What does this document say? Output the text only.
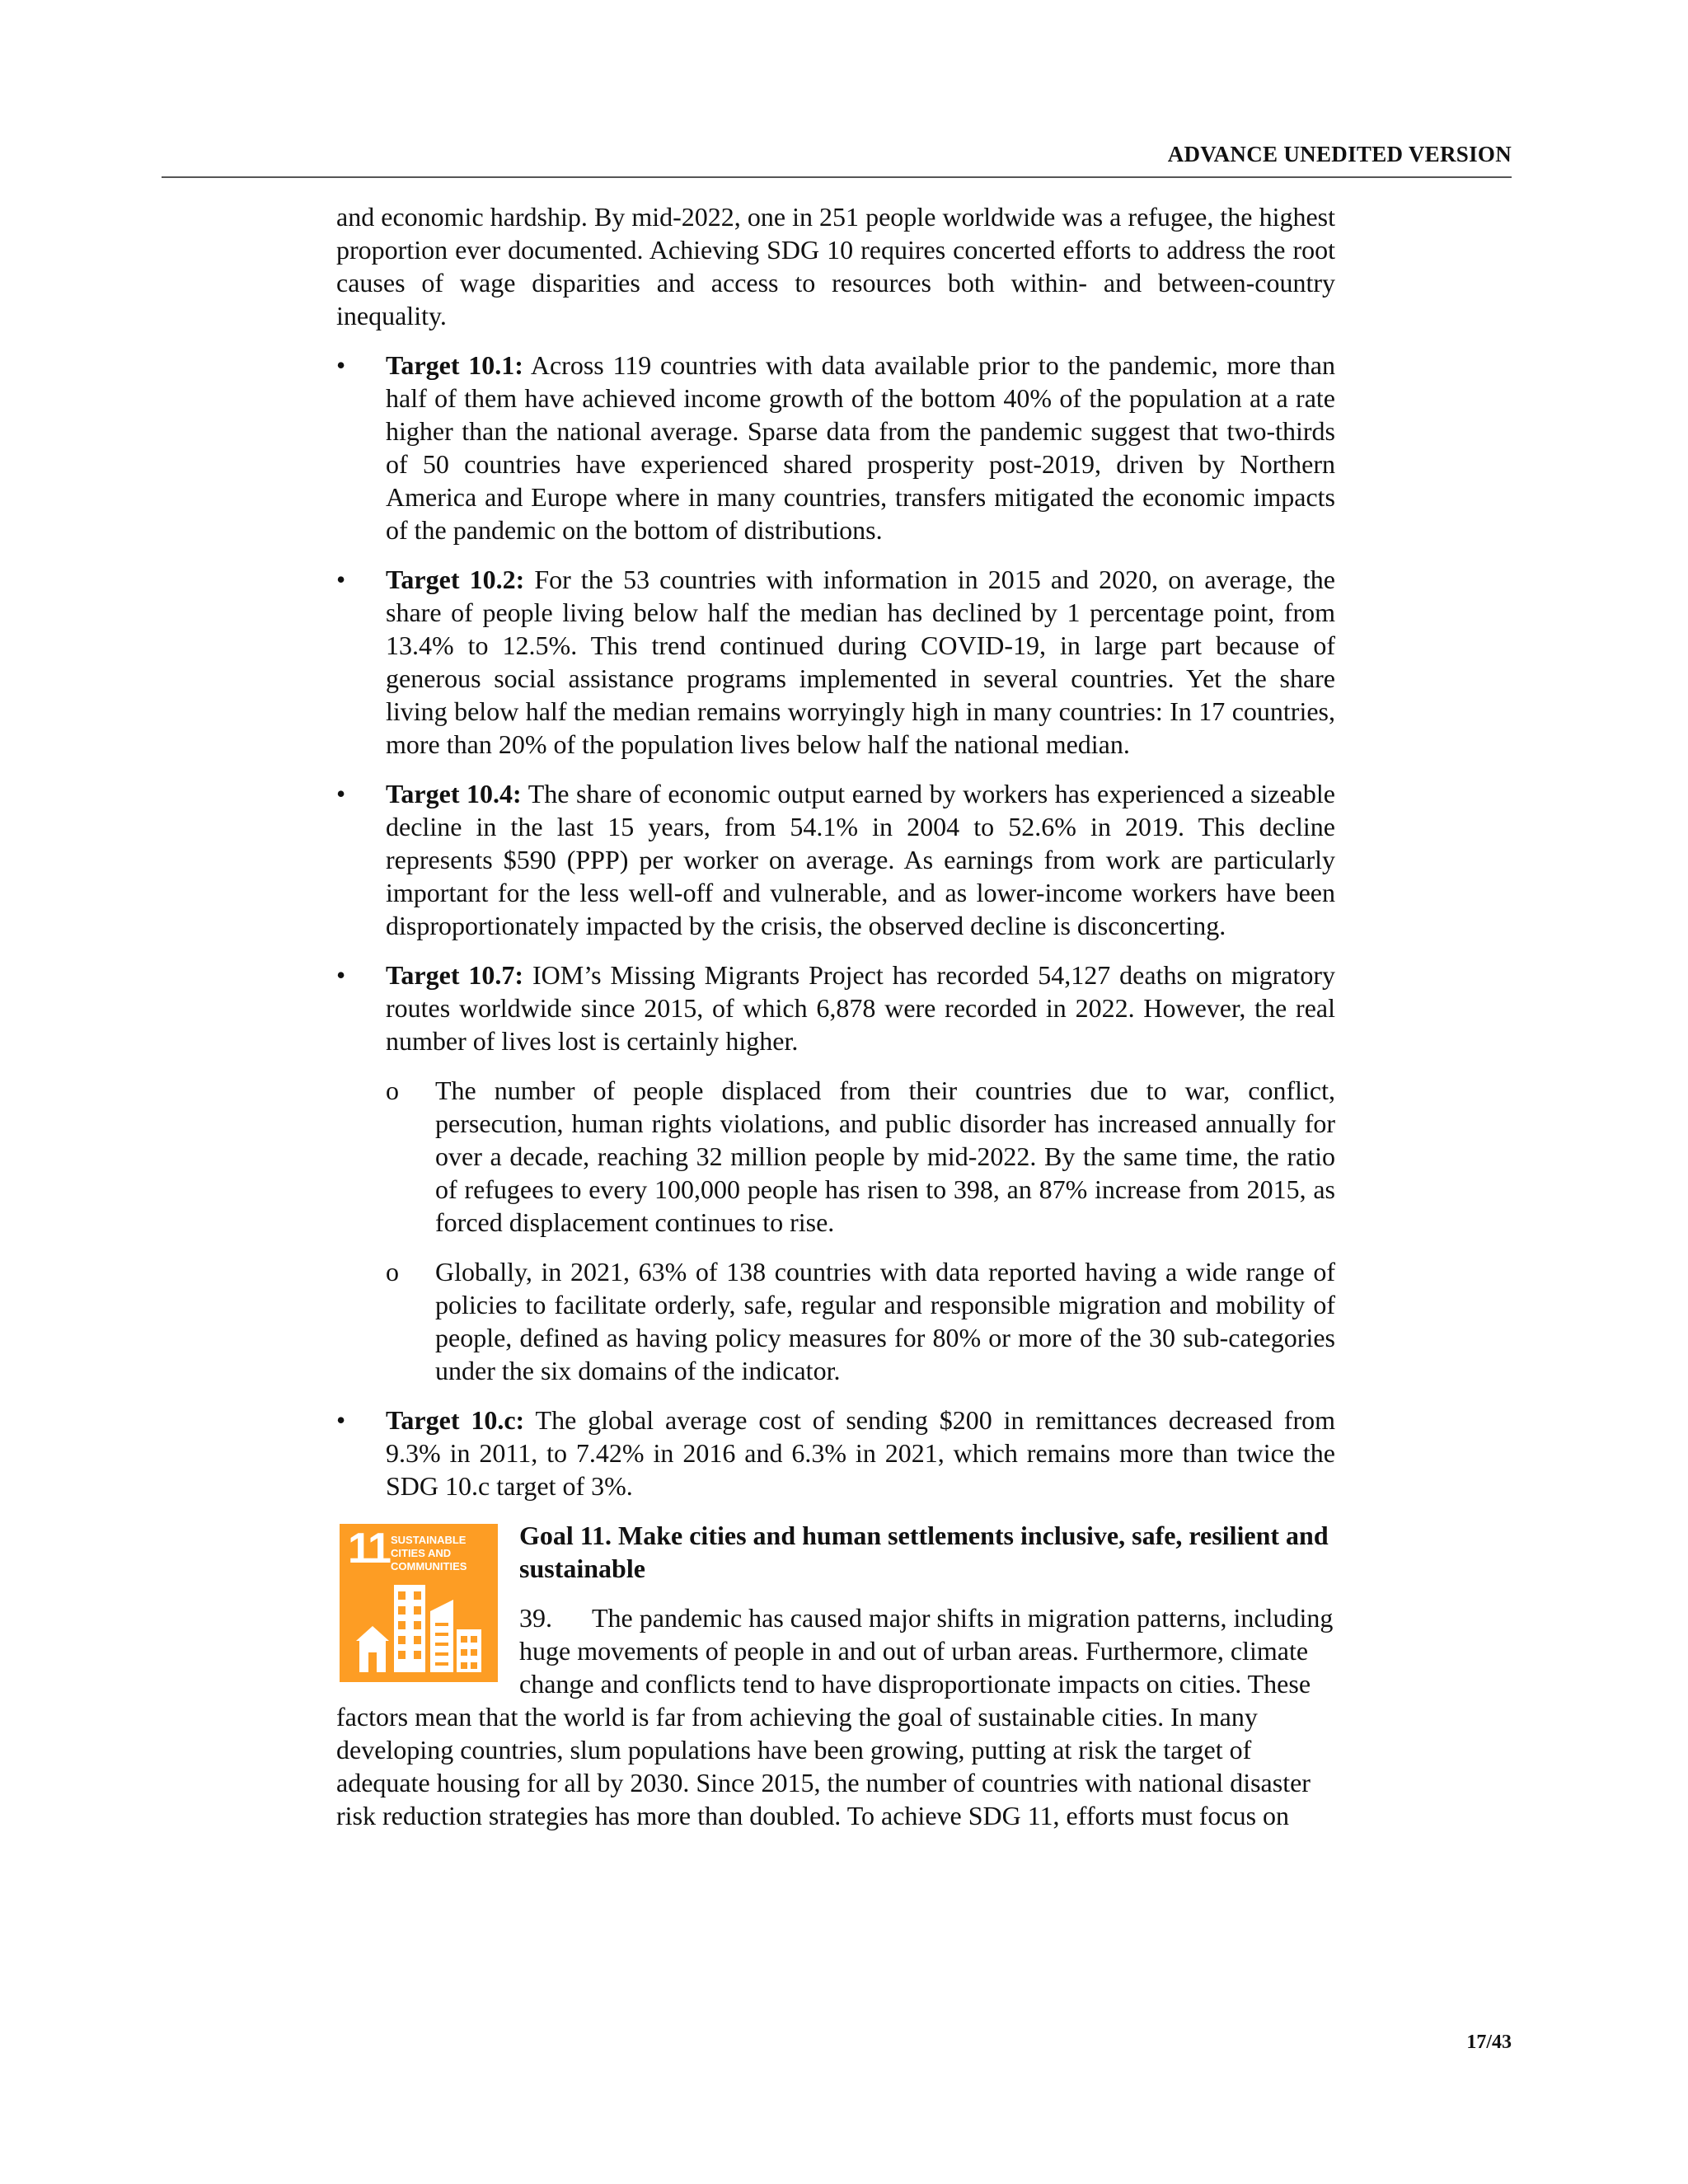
ADVANCE UNEDITED VERSION

and economic hardship. By mid-2022, one in 251 people worldwide was a refugee, the highest proportion ever documented. Achieving SDG 10 requires concerted efforts to address the root causes of wage disparities and access to resources both within- and between-country inequality.

• Target 10.1: Across 119 countries with data available prior to the pandemic, more than half of them have achieved income growth of the bottom 40% of the population at a rate higher than the national average. Sparse data from the pandemic suggest that two-thirds of 50 countries have experienced shared prosperity post-2019, driven by Northern America and Europe where in many countries, transfers mitigated the economic impacts of the pandemic on the bottom of distributions.
• Target 10.2: For the 53 countries with information in 2015 and 2020, on average, the share of people living below half the median has declined by 1 percentage point, from 13.4% to 12.5%. This trend continued during COVID-19, in large part because of generous social assistance programs implemented in several countries. Yet the share living below half the median remains worryingly high in many countries: In 17 countries, more than 20% of the population lives below half the national median.
• Target 10.4: The share of economic output earned by workers has experienced a sizeable decline in the last 15 years, from 54.1% in 2004 to 52.6% in 2019. This decline represents $590 (PPP) per worker on average. As earnings from work are particularly important for the less well-off and vulnerable, and as lower-income workers have been disproportionately impacted by the crisis, the observed decline is disconcerting.
• Target 10.7: IOM’s Missing Migrants Project has recorded 54,127 deaths on migratory routes worldwide since 2015, of which 6,878 were recorded in 2022. However, the real number of lives lost is certainly higher.
o The number of people displaced from their countries due to war, conflict, persecution, human rights violations, and public disorder has increased annually for over a decade, reaching 32 million people by mid-2022. By the same time, the ratio of refugees to every 100,000 people has risen to 398, an 87% increase from 2015, as forced displacement continues to rise.
o Globally, in 2021, 63% of 138 countries with data reported having a wide range of policies to facilitate orderly, safe, regular and responsible migration and mobility of people, defined as having policy measures for 80% or more of the 30 sub-categories under the six domains of the indicator.
• Target 10.c: The global average cost of sending $200 in remittances decreased from 9.3% in 2011, to 7.42% in 2016 and 6.3% in 2021, which remains more than twice the SDG 10.c target of 3%.
11 SUSTAINABLE CITIES AND COMMUNITIES

Goal 11. Make cities and human settlements inclusive, safe, resilient and sustainable

39. The pandemic has caused major shifts in migration patterns, including huge movements of people in and out of urban areas. Furthermore, climate change and conflicts tend to have disproportionate impacts on cities. These factors mean that the world is far from achieving the goal of sustainable cities. In many developing countries, slum populations have been growing, putting at risk the target of adequate housing for all by 2030. Since 2015, the number of countries with national disaster risk reduction strategies has more than doubled. To achieve SDG 11, efforts must focus on

17/43
